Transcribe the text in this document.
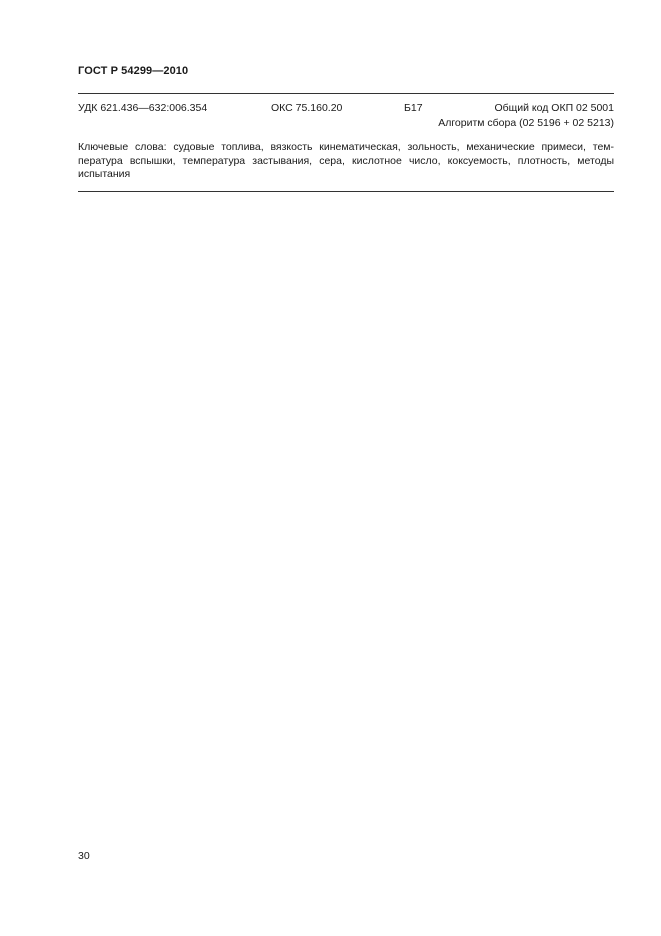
ГОСТ Р 54299—2010
УДК 621.436—632:006.354	ОКС 75.160.20	Б17	Общий код ОКП 02 5001
Алгоритм сбора (02 5196 + 02 5213)
Ключевые слова: судовые топлива, вязкость кинематическая, зольность, механические примеси, тем-
пература вспышки, температура застывания, сера, кислотное число, коксуемость, плотность, методы
испытания
30
